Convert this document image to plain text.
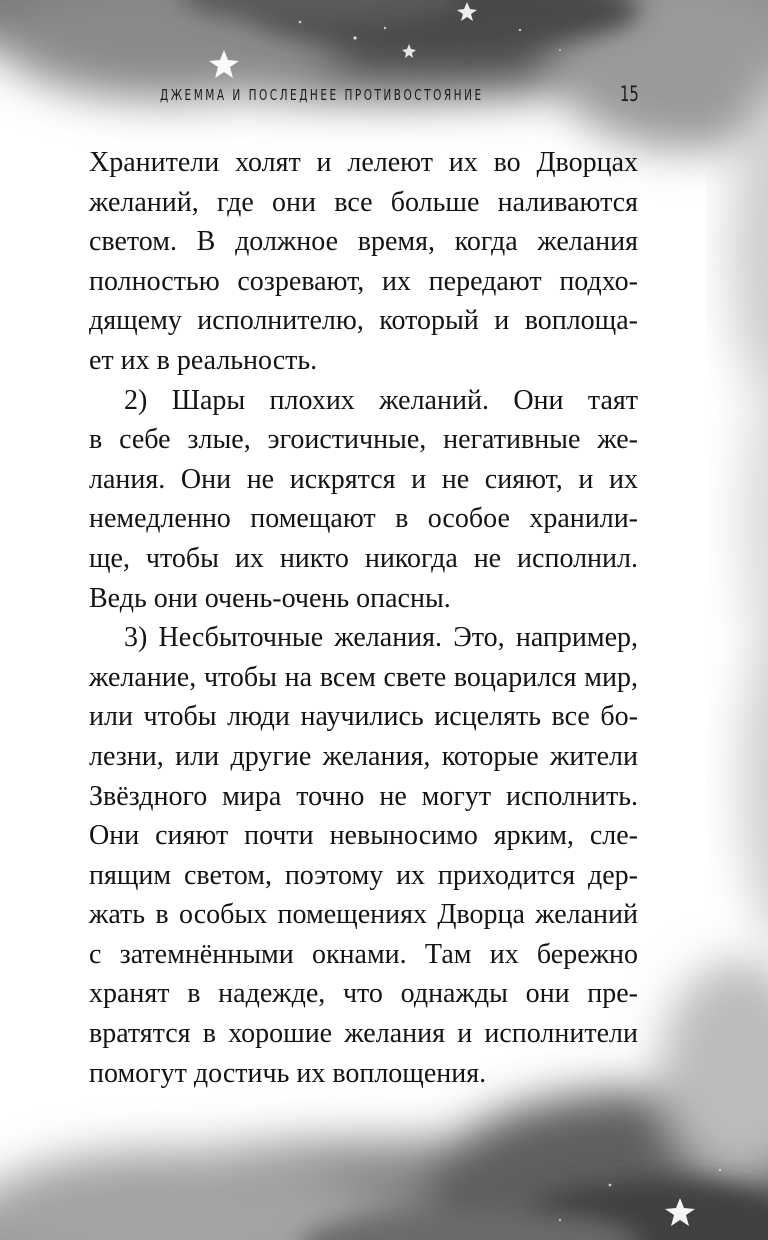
ДЖЕММА И ПОСЛЕДНЕЕ ПРОТИВОСТОЯНИЕ	15

Хранители холят и лелеют их во Дворцах
желаний, где они все больше наливаются
светом. В должное время, когда желания
полностью созревают, их передают подхо-
дящему исполнителю, который и воплоща-
ет их в реальность.

2) Шары плохих желаний. Они таят
в себе злые, эгоистичные, негативные же-
лания. Они не искрятся и не сияют, и их
немедленно помещают в особое хранили-
ще, чтобы их никто никогда не исполнил.
Ведь они очень-очень опасны.

3) Несбыточные желания. Это, например,
желание, чтобы на всем свете воцарился мир,
или чтобы люди научились исцелять все бо-
лезни, или другие желания, которые жители
Звёздного мира точно не могут исполнить.
Они сияют почти невыносимо ярким, сле-
пящим светом, поэтому их приходится дер-
жать в особых помещениях Дворца желаний
с затемнёнными окнами. Там их бережно
хранят в надежде, что однажды они пре-
вратятся в хорошие желания и исполнители
помогут достичь их воплощения.
